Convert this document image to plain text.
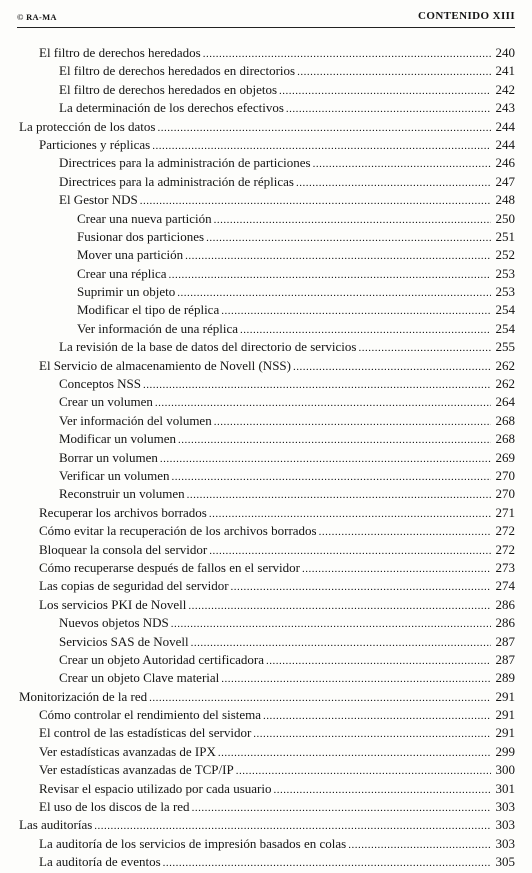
© RA-MA	CONTENIDO XIII
El filtro de derechos heredados .....	240
El filtro de derechos heredados en directorios .....	241
El filtro de derechos heredados en objetos .....	242
La determinación de los derechos efectivos .....	243
La protección de los datos .....	244
Particiones y réplicas .....	244
Directrices para la administración de particiones .....	246
Directrices para la administración de réplicas .....	247
El Gestor NDS .....	248
Crear una nueva partición .....	250
Fusionar dos particiones .....	251
Mover una partición .....	252
Crear una réplica .....	253
Suprimir un objeto .....	253
Modificar el tipo de réplica .....	254
Ver información de una réplica .....	254
La revisión de la base de datos del directorio de servicios .....	255
El Servicio de almacenamiento de Novell (NSS) .....	262
Conceptos NSS .....	262
Crear un volumen .....	264
Ver información del volumen .....	268
Modificar un volumen .....	268
Borrar un volumen .....	269
Verificar un volumen .....	270
Reconstruir un volumen .....	270
Recuperar los archivos borrados .....	271
Cómo evitar la recuperación de los archivos borrados .....	272
Bloquear la consola del servidor .....	272
Cómo recuperarse después de fallos en el servidor .....	273
Las copias de seguridad del servidor .....	274
Los servicios PKI de Novell .....	286
Nuevos objetos NDS .....	286
Servicios SAS de Novell .....	287
Crear un objeto Autoridad certificadora .....	287
Crear un objeto Clave material .....	289
Monitorización de la red .....	291
Cómo controlar el rendimiento del sistema .....	291
El control de las estadísticas del servidor .....	291
Ver estadísticas avanzadas de IPX .....	299
Ver estadísticas avanzadas de TCP/IP .....	300
Revisar el espacio utilizado por cada usuario .....	301
El uso de los discos de la red .....	303
Las auditorías .....	303
La auditoría de los servicios de impresión basados en colas .....	303
La auditoría de eventos .....	305
